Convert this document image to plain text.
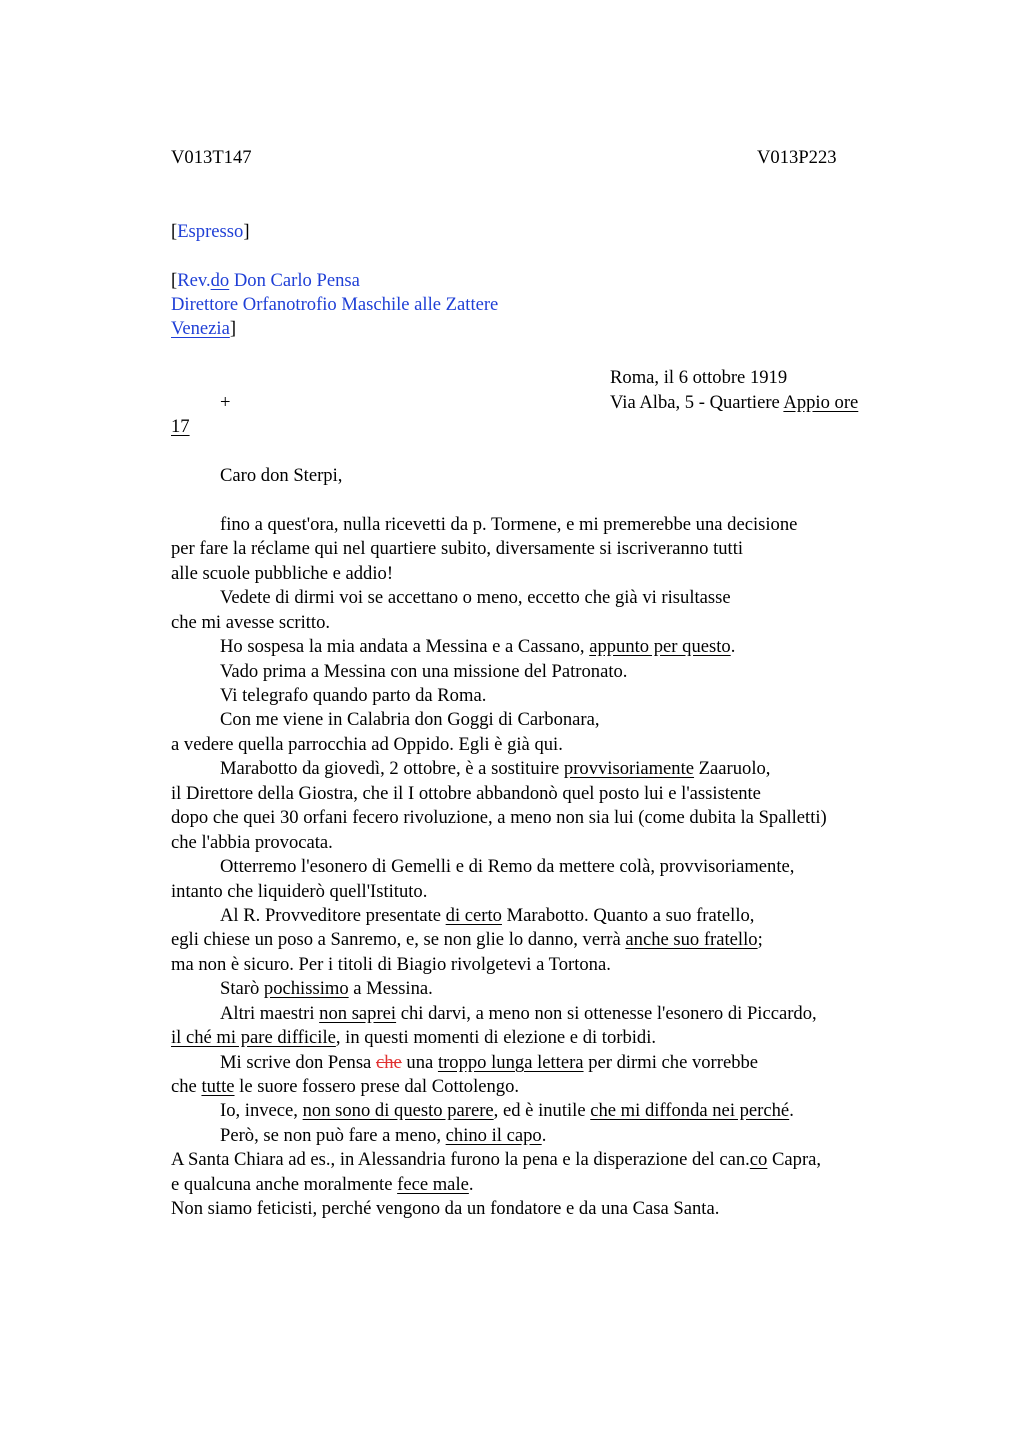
V013T147	V013P223
[Espresso]
[Rev.do Don Carlo Pensa
Direttore Orfanotrofio Maschile alle Zattere
Venezia]
Roma, il 6 ottobre 1919
+	Via Alba, 5 - Quartiere Appio ore
17
Caro don Sterpi,
fino a quest'ora, nulla ricevetti da p. Tormene, e mi premerebbe una decisione
per fare la réclame qui nel quartiere subito, diversamente si iscriveranno tutti
alle scuole pubbliche e addio!
Vedete di dirmi voi se accettano o meno, eccetto che già vi risultasse
che mi avesse scritto.
Ho sospesa la mia andata a Messina e a Cassano, appunto per questo.
Vado prima a Messina con una missione del Patronato.
Vi telegrafo quando parto da Roma.
Con me viene in Calabria don Goggi di Carbonara,
a vedere quella parrocchia ad Oppido. Egli è già qui.
Marabotto da giovedì, 2 ottobre, è a sostituire provvisoriamente Zaaruolo,
il Direttore della Giostra, che il I ottobre abbandonò quel posto lui e l'assistente
dopo che quei 30 orfani fecero rivoluzione, a meno non sia lui (come dubita la Spalletti)
che l'abbia provocata.
Otterremo l'esonero di Gemelli e di Remo da mettere colà, provvisoriamente,
intanto che liquiderò quell'Istituto.
Al R. Provveditore presentate di certo Marabotto. Quanto a suo fratello,
egli chiese un poso a Sanremo, e, se non glie lo danno, verrà anche suo fratello;
ma non è sicuro. Per i titoli di Biagio rivolgetevi a Tortona.
Starò pochissimo a Messina.
Altri maestri non saprei chi darvi, a meno non si ottenesse l'esonero di Piccardo,
il ché mi pare difficile, in questi momenti di elezione e di torbidi.
Mi scrive don Pensa che una troppo lunga lettera per dirmi che vorrebbe
che tutte le suore fossero prese dal Cottolengo.
Io, invece, non sono di questo parere, ed è inutile che mi diffonda nei perché.
Però, se non può fare a meno, chino il capo.
A Santa Chiara ad es., in Alessandria furono la pena e la disperazione del can.co Capra,
e qualcuna anche moralmente fece male.
Non siamo feticisti, perché vengono da un fondatore e da una Casa Santa.
